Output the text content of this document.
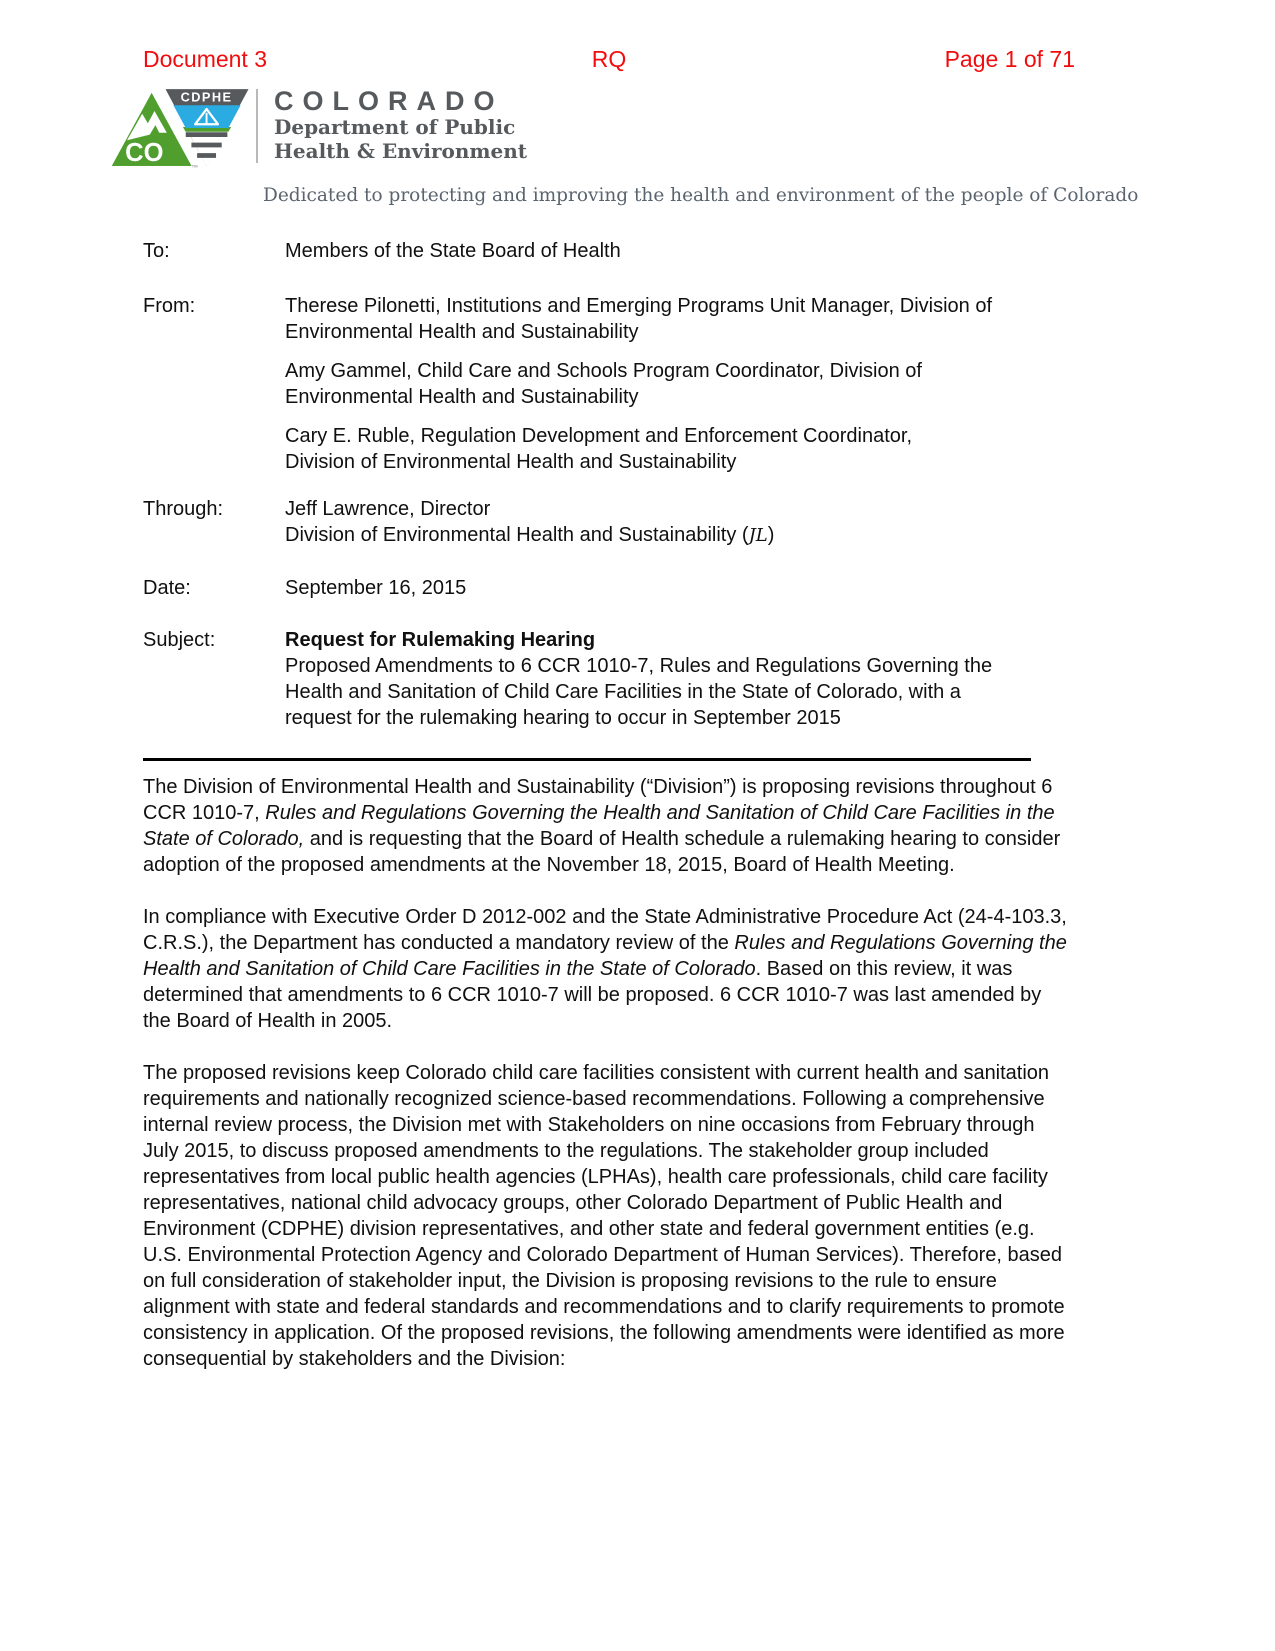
Document 3	RQ	Page 1 of 71
CDPHE
CO
™
COLORADO
Department of Public
Health & Environment
Dedicated to protecting and improving the health and environment of the people of Colorado
To:	Members of the State Board of Health
From:	Therese Pilonetti, Institutions and Emerging Programs Unit Manager, Division of
Environmental Health and Sustainability
Amy Gammel, Child Care and Schools Program Coordinator, Division of
Environmental Health and Sustainability
Cary E. Ruble, Regulation Development and Enforcement Coordinator,
Division of Environmental Health and Sustainability
Through:	Jeff Lawrence, Director
Division of Environmental Health and Sustainability (JL)
Date:	September 16, 2015
Subject:	Request for Rulemaking Hearing
Proposed Amendments to 6 CCR 1010-7, Rules and Regulations Governing the
Health and Sanitation of Child Care Facilities in the State of Colorado, with a
request for the rulemaking hearing to occur in September 2015

The Division of Environmental Health and Sustainability (“Division”) is proposing revisions throughout 6 CCR 1010-7, Rules and Regulations Governing the Health and Sanitation of Child Care Facilities in the State of Colorado, and is requesting that the Board of Health schedule a rulemaking hearing to consider adoption of the proposed amendments at the November 18, 2015, Board of Health Meeting.

In compliance with Executive Order D 2012-002 and the State Administrative Procedure Act (24-4-103.3, C.R.S.), the Department has conducted a mandatory review of the Rules and Regulations Governing the Health and Sanitation of Child Care Facilities in the State of Colorado. Based on this review, it was determined that amendments to 6 CCR 1010-7 will be proposed. 6 CCR 1010-7 was last amended by the Board of Health in 2005.

The proposed revisions keep Colorado child care facilities consistent with current health and sanitation requirements and nationally recognized science-based recommendations. Following a comprehensive internal review process, the Division met with Stakeholders on nine occasions from February through July 2015, to discuss proposed amendments to the regulations. The stakeholder group included representatives from local public health agencies (LPHAs), health care professionals, child care facility representatives, national child advocacy groups, other Colorado Department of Public Health and Environment (CDPHE) division representatives, and other state and federal government entities (e.g. U.S. Environmental Protection Agency and Colorado Department of Human Services). Therefore, based on full consideration of stakeholder input, the Division is proposing revisions to the rule to ensure alignment with state and federal standards and recommendations and to clarify requirements to promote consistency in application. Of the proposed revisions, the following amendments were identified as more consequential by stakeholders and the Division:
